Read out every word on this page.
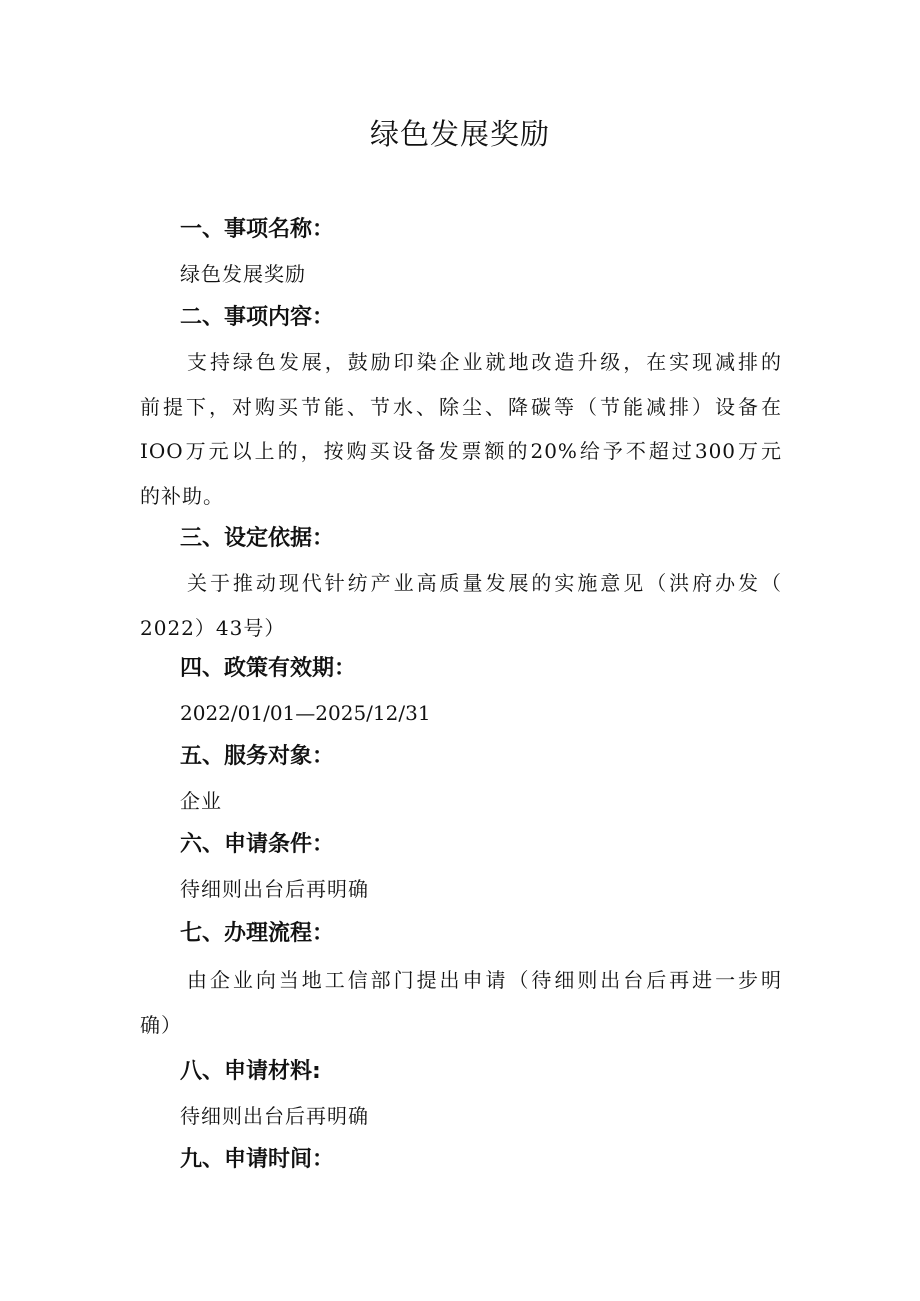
绿色发展奖励
一、事项名称：

绿色发展奖励

二、事项内容：

支持绿色发展，鼓励印染企业就地改造升级，在实现减排的
前提下，对购买节能、节水、除尘、降碳等（节能减排）设备在
IOO万元以上的，按购买设备发票额的20%给予不超过300万元
的补助。

三、设定依据：

关于推动现代针纺产业高质量发展的实施意见（洪府办发（
2022）43号）

四、政策有效期：

2022/01/01—2025/12/31

五、服务对象：

企业

六、申请条件：

待细则出台后再明确

七、办理流程：

由企业向当地工信部门提出申请（待细则出台后再进一步明
确）

八、申请材料:

待细则出台后再明确

九、申请时间：
